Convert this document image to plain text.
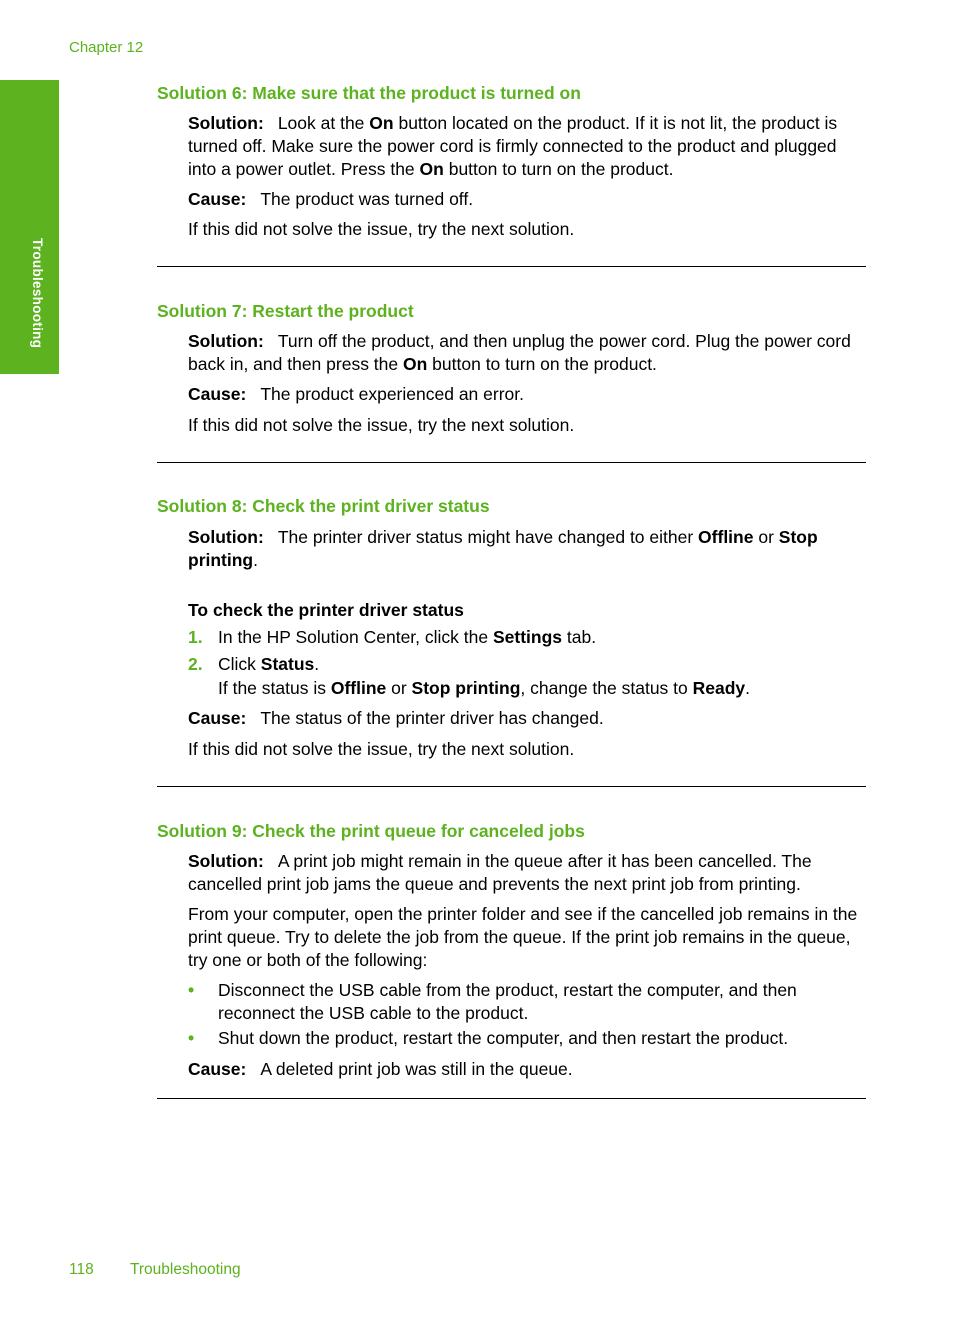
Chapter 12
Troubleshooting
Solution 6: Make sure that the product is turned on
Solution: Look at the On button located on the product. If it is not lit, the product is turned off. Make sure the power cord is firmly connected to the product and plugged into a power outlet. Press the On button to turn on the product.
Cause: The product was turned off.
If this did not solve the issue, try the next solution.
Solution 7: Restart the product
Solution: Turn off the product, and then unplug the power cord. Plug the power cord back in, and then press the On button to turn on the product.
Cause: The product experienced an error.
If this did not solve the issue, try the next solution.
Solution 8: Check the print driver status
Solution: The printer driver status might have changed to either Offline or Stop printing.
To check the printer driver status
1. In the HP Solution Center, click the Settings tab.
2. Click Status.
If the status is Offline or Stop printing, change the status to Ready.
Cause: The status of the printer driver has changed.
If this did not solve the issue, try the next solution.
Solution 9: Check the print queue for canceled jobs
Solution: A print job might remain in the queue after it has been cancelled. The cancelled print job jams the queue and prevents the next print job from printing.
From your computer, open the printer folder and see if the cancelled job remains in the print queue. Try to delete the job from the queue. If the print job remains in the queue, try one or both of the following:
• Disconnect the USB cable from the product, restart the computer, and then reconnect the USB cable to the product.
• Shut down the product, restart the computer, and then restart the product.
Cause: A deleted print job was still in the queue.
118 Troubleshooting
